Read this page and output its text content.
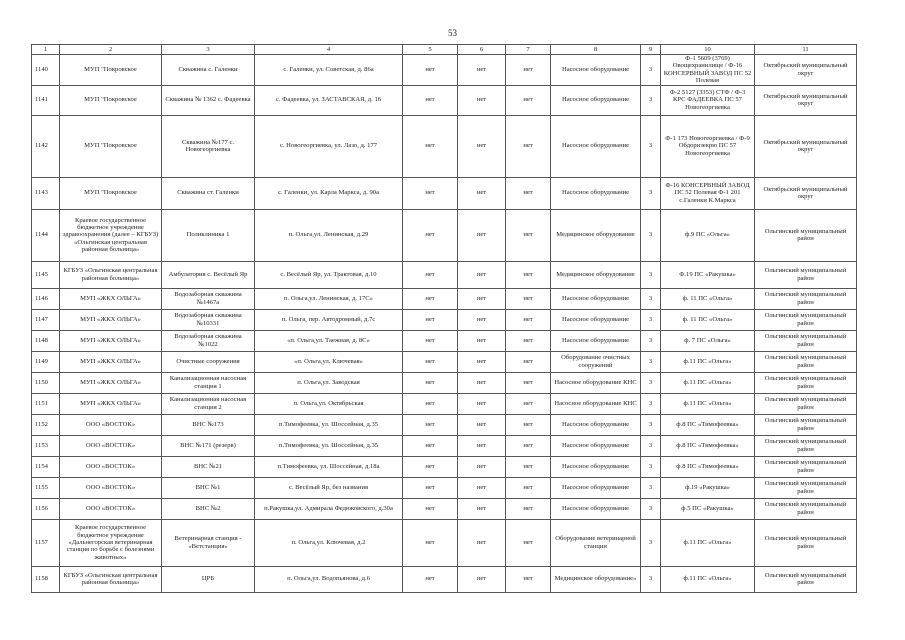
53
1	2	3	4	5	6	7	8	9	10	11
1140	МУП "Покровское	Скважина с. Галенки	с. Галенки, ул. Советская, д. 86а	нет	нет	нет	Насосное оборудование	3	Ф-1 5609 (3769) Овощехранилище / Ф-16 КОНСЕРВНЫЙ ЗАВОД ПС 52 Полевая	Октябрьский муниципальный округ
1141	МУП "Покровское	Скважина № 1362 с. Фадеевка	с. Фадеевка, ул. ЗАСТАВСКАЯ, д. 16	нет	нет	нет	Насосное оборудование	3	Ф-2 5127 (3353) СТФ / Ф-3 КРС ФАДЕЕВКА ПС 57 Новогеоргиевка	Октябрьский муниципальный округ
1142	МУП "Покровское	Скважина №177 с. Новогеоргиевка	с. Новогеоргиевка, ул. Лазо, д. 177	нет	нет	нет	Насосное оборудование	3	Ф-1 173 Новогеоргиевка / Ф-9 Обдоризекрю ПС 57 Новогеоргиевка	Октябрьский муниципальный округ
1143	МУП "Покровское	Скважина ст. Галенки	с. Галенки, ул. Карла Маркса, д. 90а	нет	нет	нет	Насосное оборудование	3	Ф-16 КОНСЕРВНЫЙ ЗАВОД ПС 52 Полевая Ф-1 201 с.Галенки К.Маркса	Октябрьский муниципальный округ
1144	Краевое государственное бюджетное учреждение здравоохранения (далее – КГБУЗ) «Ольгинская центральная районная больница»	Поликлиника 1	п. Ольга,ул. Ленинская, д.29	нет	нет	нет	Медицинское оборудование	3	ф.9 ПС «Ольга»	Ольгинский муниципальный район
1145	КГБУЗ «Ольгинская центральная районная больница»	Амбулатория с. Весёлый Яр	с. Весёлый Яр, ул. Трактовая, д.10	нет	нет	нет	Медицинское оборудование	3	Ф.19 ПС «Ракушка»	Ольгинский муниципальный район
1146	МУП «ЖКХ ОЛЬГА»	Водозаборная скважина №1467а	п. Ольга,ул. Ленинская, д. 17С»	нет	нет	нет	Насосное оборудование	3	ф. 11 ПС «Ольга»	Ольгинский муниципальный район
1147	МУП «ЖКХ ОЛЬГА»	Водозаборная скважина №10331	п. Ольга, пер. Автодромный, д.7с	нет	нет	нет	Насосное оборудование	3	ф. 11 ПС «Ольга»	Ольгинский муниципальный район
1148	МУП «ЖКХ ОЛЬГА»	Водозаборная скважина №1022	«п. Ольга,ул. Таежная, д. 8С»	нет	нет	нет	Насосное оборудование	3	ф. 7 ПС «Ольга»	Ольгинский муниципальный район
1149	МУП «ЖКХ ОЛЬГА»	Очистные сооружения	«п. Ольга,ул. Ключевая»	нет	нет	нет	Оборудование очистных сооружений	3	ф.11 ПС «Ольга»	Ольгинский муниципальный район
1150	МУП «ЖКХ ОЛЬГА»	Канализационная насосная станция 1	п. Ольга,ул. Заводская	нет	нет	нет	Насосное оборудование КНС	3	ф.11 ПС «Ольга»	Ольгинский муниципальный район
1151	МУП «ЖКХ ОЛЬГА»	Канализационная насосная станция 2	п. Ольга,ул. Октябрьская	нет	нет	нет	Насосное оборудование КНС	3	ф.11 ПС «Ольга»	Ольгинский муниципальный район
1152	ООО «ВОСТОК»	ВНС №173	п.Тимофеевка, ул. Шоссейная, д.35	нет	нет	нет	Насосное оборудование	3	ф.8 ПС «Тимофеевка»	Ольгинский муниципальный район
1153	ООО «ВОСТОК»	ВНС №171 (резерв)	п.Тимофеевка, ул. Шоссейная, д.35	нет	нет	нет	Насосное оборудование	3	ф.8 ПС «Тимофеевка»	Ольгинский муниципальный район
1154	ООО «ВОСТОК»	ВНС №21	п.Тимофеевка, ул. Шоссейная, д.18а	нет	нет	нет	Насосное оборудование	3	ф.8 ПС «Тимофеевка»	Ольгинский муниципальный район
1155	ООО «ВОСТОК»	ВНС №1	с. Весёлый Яр, без названия	нет	нет	нет	Насосное оборудование	3	ф.19 «Ракушка»	Ольгинский муниципальный район
1156	ООО «ВОСТОК»	ВНС №2	п.Ракушка,ул. Адмирала Федюковского, д.30а	нет	нет	нет	Насосное оборудование	3	ф.5 ПС «Ракушка»	Ольгинский муниципальный район
1157	Краевое государственное бюджетное учреждение «Дальнегорская ветеринарная станция по борьбе с болезнями животных»	Ветеринарная станция - «Ветстанция»	п. Ольга,ул. Ключевая, д.2	нет	нет	нет	Оборудование ветеринарной станции	3	ф.11 ПС «Ольга»	Ольгинский муниципальный район
1158	КГБУЗ «Ольгинская центральная районная больница»	ЦРБ	п. Ольга,ул. Водопьянова, д.6	нет	нет	нет	Медицинское оборудование»	3	ф.11 ПС «Ольга»	Ольгинский муниципальный район
